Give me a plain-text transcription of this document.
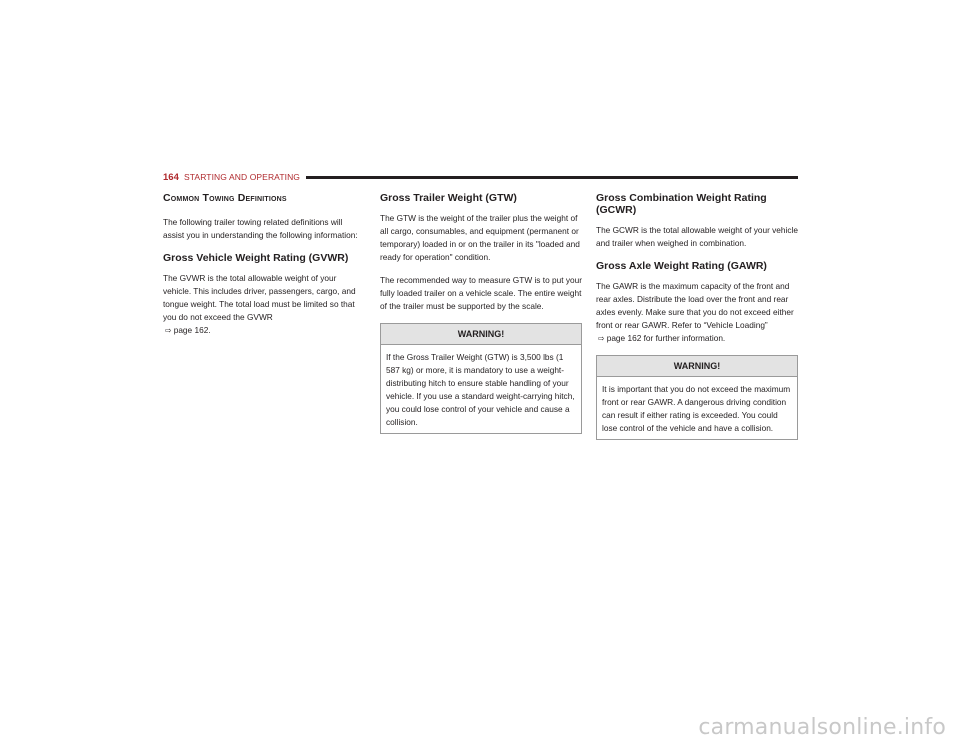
164 STARTING AND OPERATING
Common Towing Definitions

The following trailer towing related definitions will assist you in understanding the following information:

Gross Vehicle Weight Rating (GVWR)

The GVWR is the total allowable weight of your vehicle. This includes driver, passengers, cargo, and tongue weight. The total load must be limited so that you do not exceed the GVWR
⇨ page 162.

Gross Trailer Weight (GTW)

The GTW is the weight of the trailer plus the weight of all cargo, consumables, and equipment (permanent or temporary) loaded in or on the trailer in its "loaded and ready for operation" condition.

The recommended way to measure GTW is to put your fully loaded trailer on a vehicle scale. The entire weight of the trailer must be supported by the scale.

WARNING!
If the Gross Trailer Weight (GTW) is 3,500 lbs (1 587 kg) or more, it is mandatory to use a weight-distributing hitch to ensure stable handling of your vehicle. If you use a standard weight-carrying hitch, you could lose control of your vehicle and cause a collision.
Gross Combination Weight Rating (GCWR)

The GCWR is the total allowable weight of your vehicle and trailer when weighed in combination.

Gross Axle Weight Rating (GAWR)

The GAWR is the maximum capacity of the front and rear axles. Distribute the load over the front and rear axles evenly. Make sure that you do not exceed either front or rear GAWR. Refer to “Vehicle Loading” ⇨ page 162 for further information.

WARNING!
It is important that you do not exceed the maximum front or rear GAWR. A dangerous driving condition can result if either rating is exceeded. You could lose control of the vehicle and have a collision.
carmanualsonline.info
